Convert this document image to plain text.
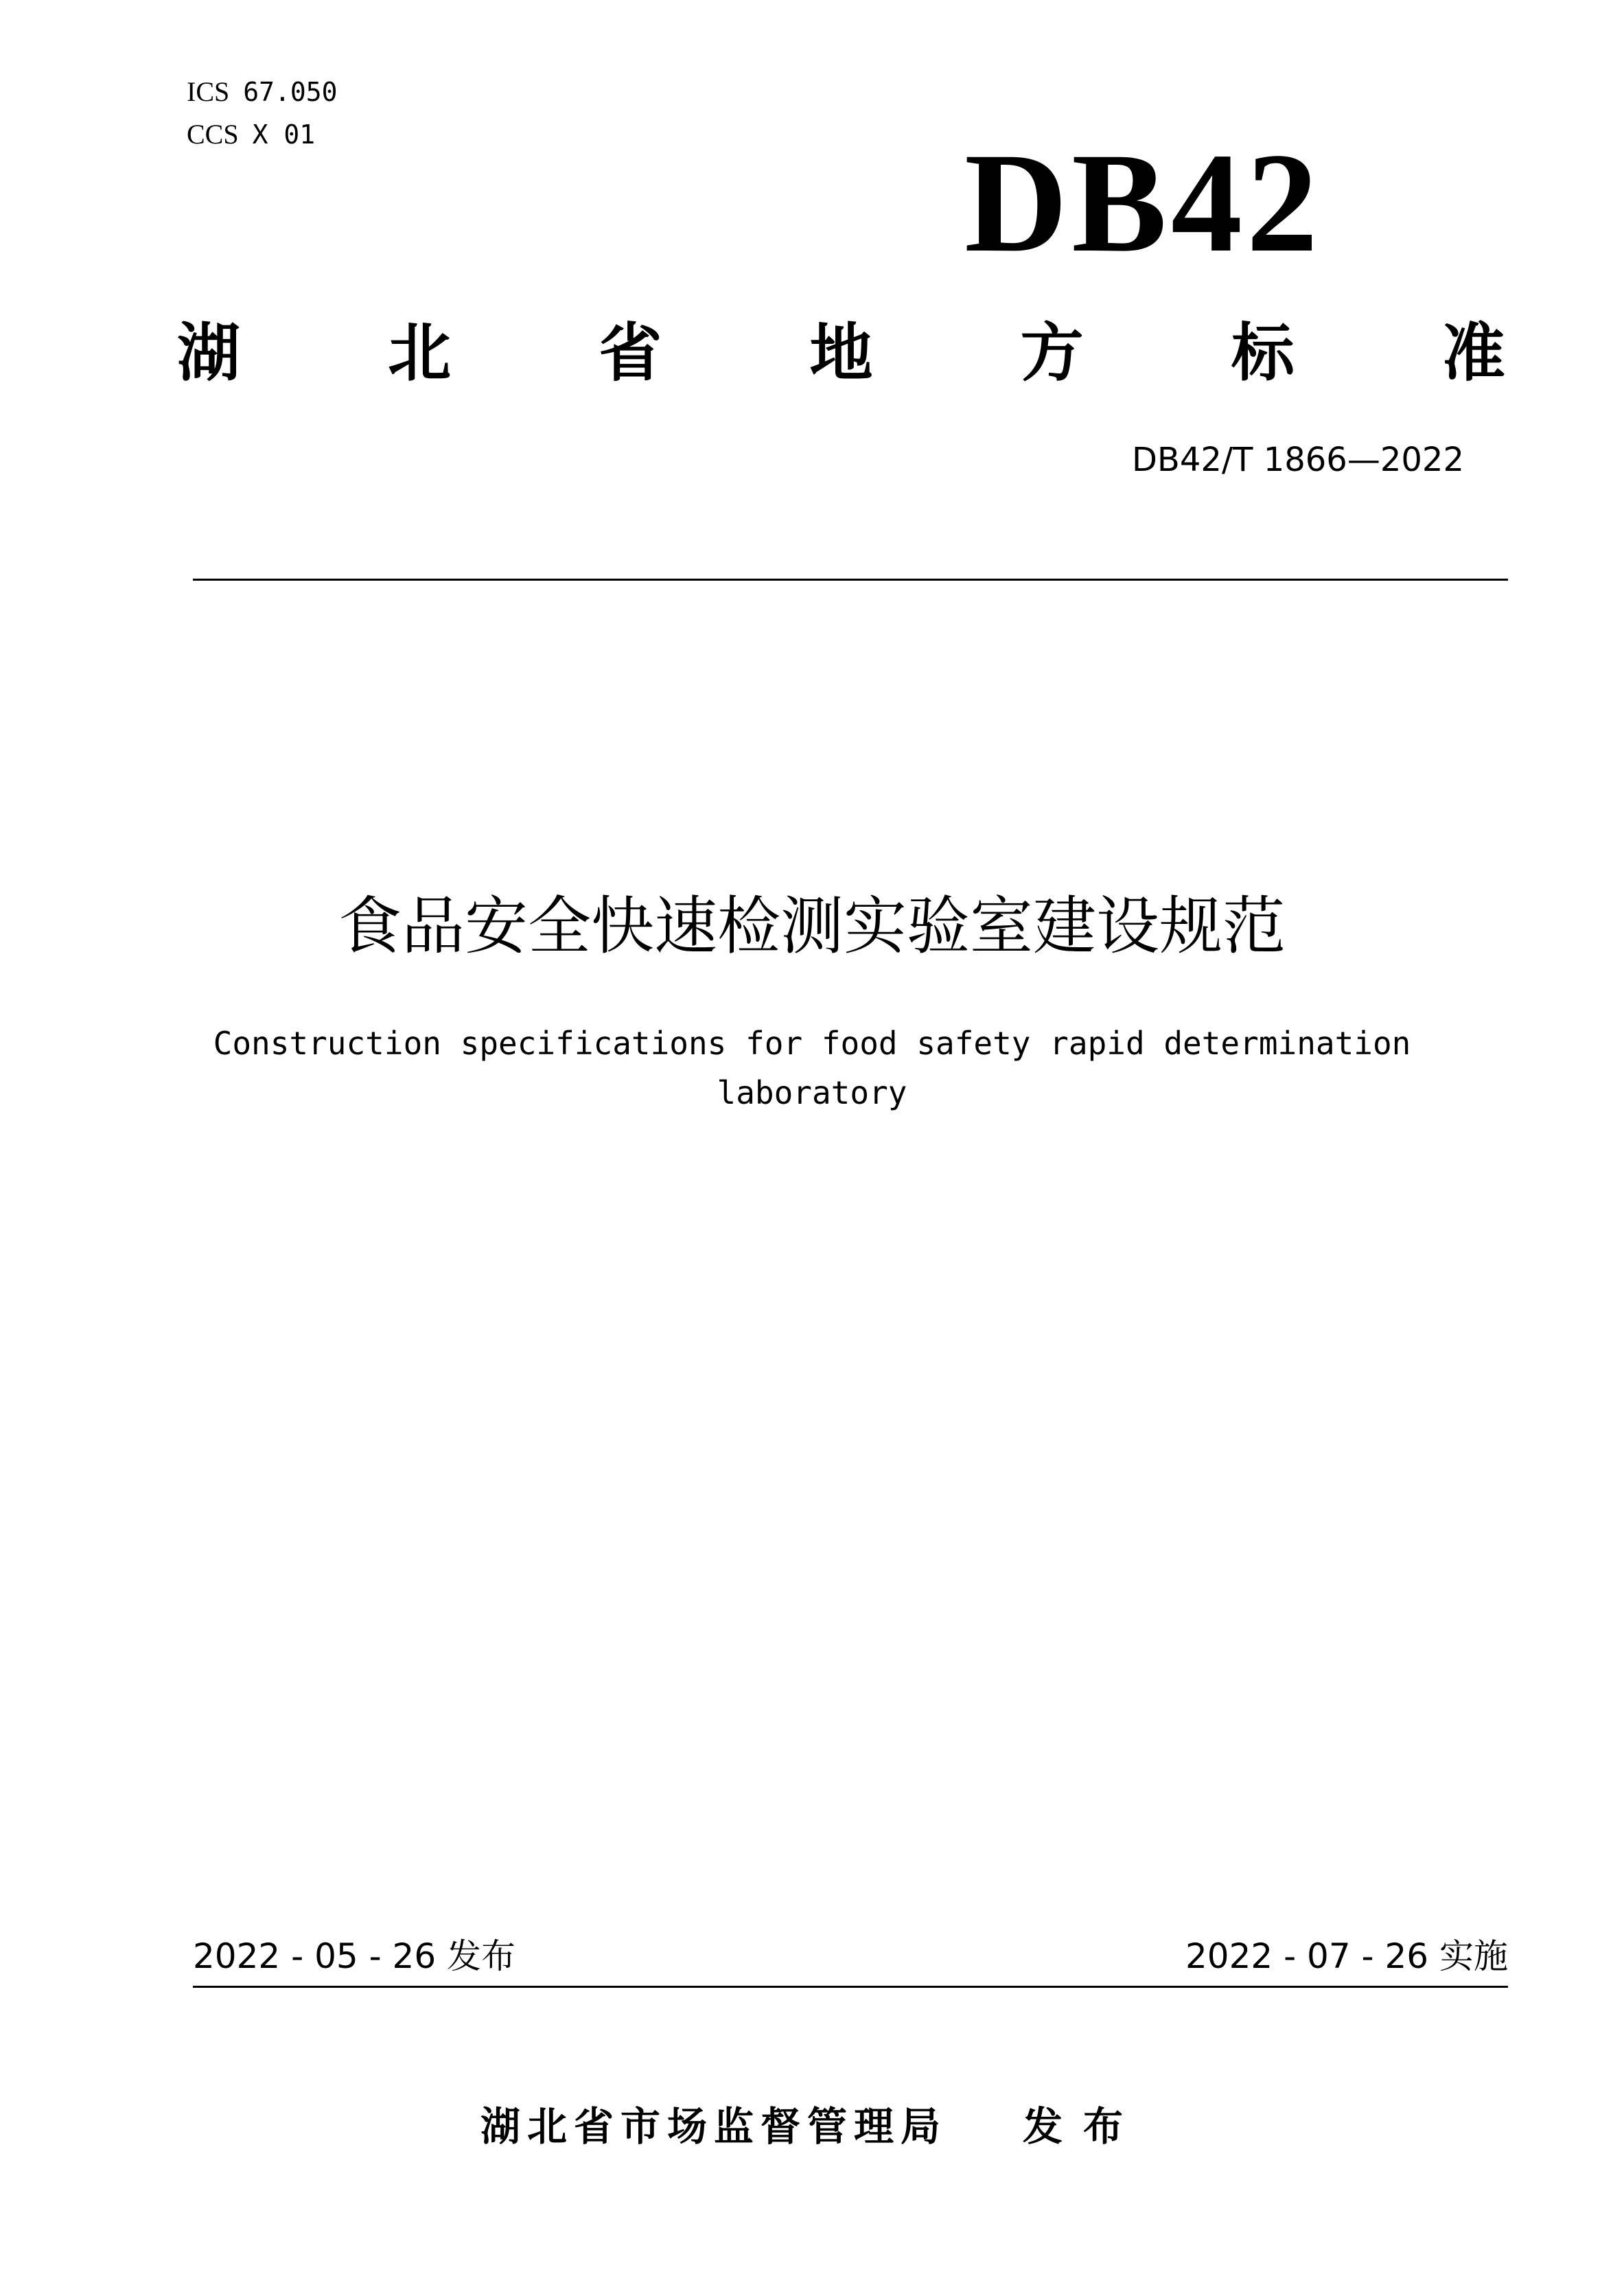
ICS 67.050
CCS X 01	DB42
湖 北 省 地 方 标 准
DB42/T 1866—2022
食品安全快速检测实验室建设规范
Construction specifications for food safety rapid determination laboratory
2022 - 05 - 26 发布	2022 - 07 - 26 实施
湖北省市场监督管理局 发布
